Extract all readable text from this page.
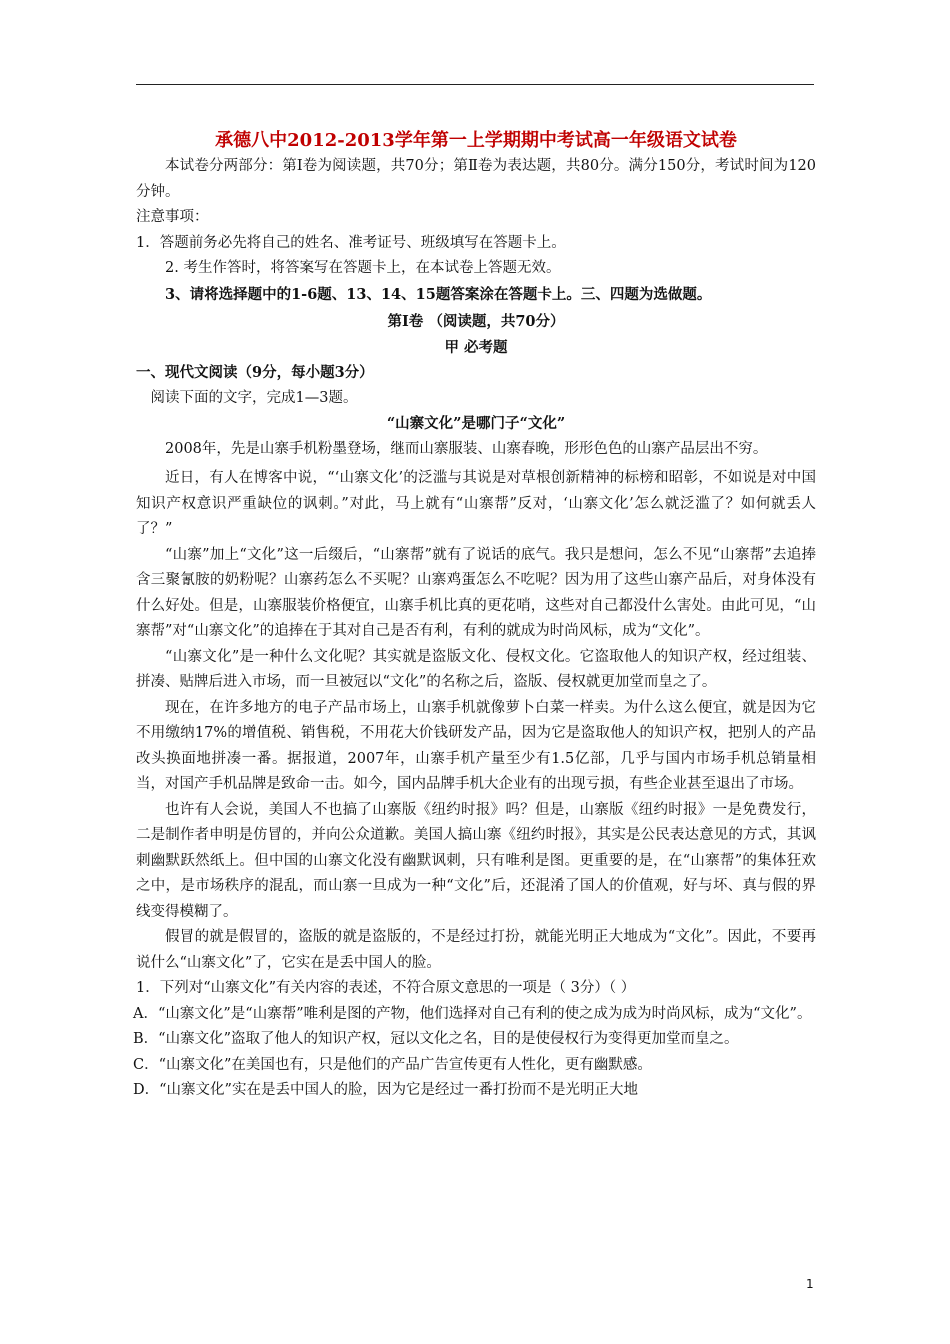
承德八中2012-2013学年第一上学期期中考试高一年级语文试卷

本试卷分两部分：第Ⅰ卷为阅读题，共70分；第Ⅱ卷为表达题，共80分。满分150分，考试时间为120分钟。

注意事项：

1．答题前务必先将自己的姓名、准考证号、班级填写在答题卡上。

2. 考生作答时，将答案写在答题卡上，在本试卷上答题无效。

3、请将选择题中的1-6题、13、14、15题答案涂在答题卡上。三、四题为选做题。

第Ⅰ卷 （阅读题，共70分）

甲 必考题

一、现代文阅读（9分，每小题3分）

阅读下面的文字，完成1—3题。

“山寨文化”是哪门子“文化”

2008年，先是山寨手机粉墨登场，继而山寨服装、山寨春晚，形形色色的山寨产品层出不穷。

近日，有人在博客中说，“‘山寨文化’的泛滥与其说是对草根创新精神的标榜和昭彰，不如说是对中国知识产权意识严重缺位的讽刺。”对此，马上就有“山寨帮”反对，‘山寨文化’怎么就泛滥了？如何就丢人了？”

“山寨”加上“文化”这一后缀后，“山寨帮”就有了说话的底气。我只是想问，怎么不见“山寨帮”去追捧含三聚氰胺的奶粉呢？山寨药怎么不买呢？山寨鸡蛋怎么不吃呢？因为用了这些山寨产品后，对身体没有什么好处。但是，山寨服装价格便宜，山寨手机比真的更花哨，这些对自己都没什么害处。由此可见，“山寨帮”对“山寨文化”的追捧在于其对自己是否有利，有利的就成为时尚风标，成为“文化”。

“山寨文化”是一种什么文化呢？其实就是盗版文化、侵权文化。它盗取他人的知识产权，经过组装、拼凑、贴牌后进入市场，而一旦被冠以“文化”的名称之后，盗版、侵权就更加堂而皇之了。

现在，在许多地方的电子产品市场上，山寨手机就像萝卜白菜一样卖。为什么这么便宜，就是因为它不用缴纳17%的增值税、销售税，不用花大价钱研发产品，因为它是盗取他人的知识产权，把别人的产品改头换面地拼凑一番。据报道，2007年，山寨手机产量至少有1.5亿部，几乎与国内市场手机总销量相当，对国产手机品牌是致命一击。如今，国内品牌手机大企业有的出现亏损，有些企业甚至退出了市场。

也许有人会说，美国人不也搞了山寨版《纽约时报》吗？但是，山寨版《纽约时报》一是免费发行，二是制作者申明是仿冒的，并向公众道歉。美国人搞山寨《纽约时报》，其实是公民表达意见的方式，其讽刺幽默跃然纸上。但中国的山寨文化没有幽默讽刺，只有唯利是图。更重要的是，在“山寨帮”的集体狂欢之中，是市场秩序的混乱，而山寨一旦成为一种“文化”后，还混淆了国人的价值观，好与坏、真与假的界线变得模糊了。

假冒的就是假冒的，盗版的就是盗版的，不是经过打扮，就能光明正大地成为“文化”。因此，不要再说什么“山寨文化”了，它实在是丢中国人的脸。

1．下列对“山寨文化”有关内容的表述，不符合原文意思的一项是（ 3分）（ ）

A．“山寨文化”是“山寨帮”唯利是图的产物，他们选择对自己有利的使之成为成为时尚风标，成为“文化”。

B．“山寨文化”盗取了他人的知识产权，冠以文化之名，目的是使侵权行为变得更加堂而皇之。

C．“山寨文化”在美国也有，只是他们的产品广告宣传更有人性化，更有幽默感。

D．“山寨文化”实在是丢中国人的脸，因为它是经过一番打扮而不是光明正大地

1
